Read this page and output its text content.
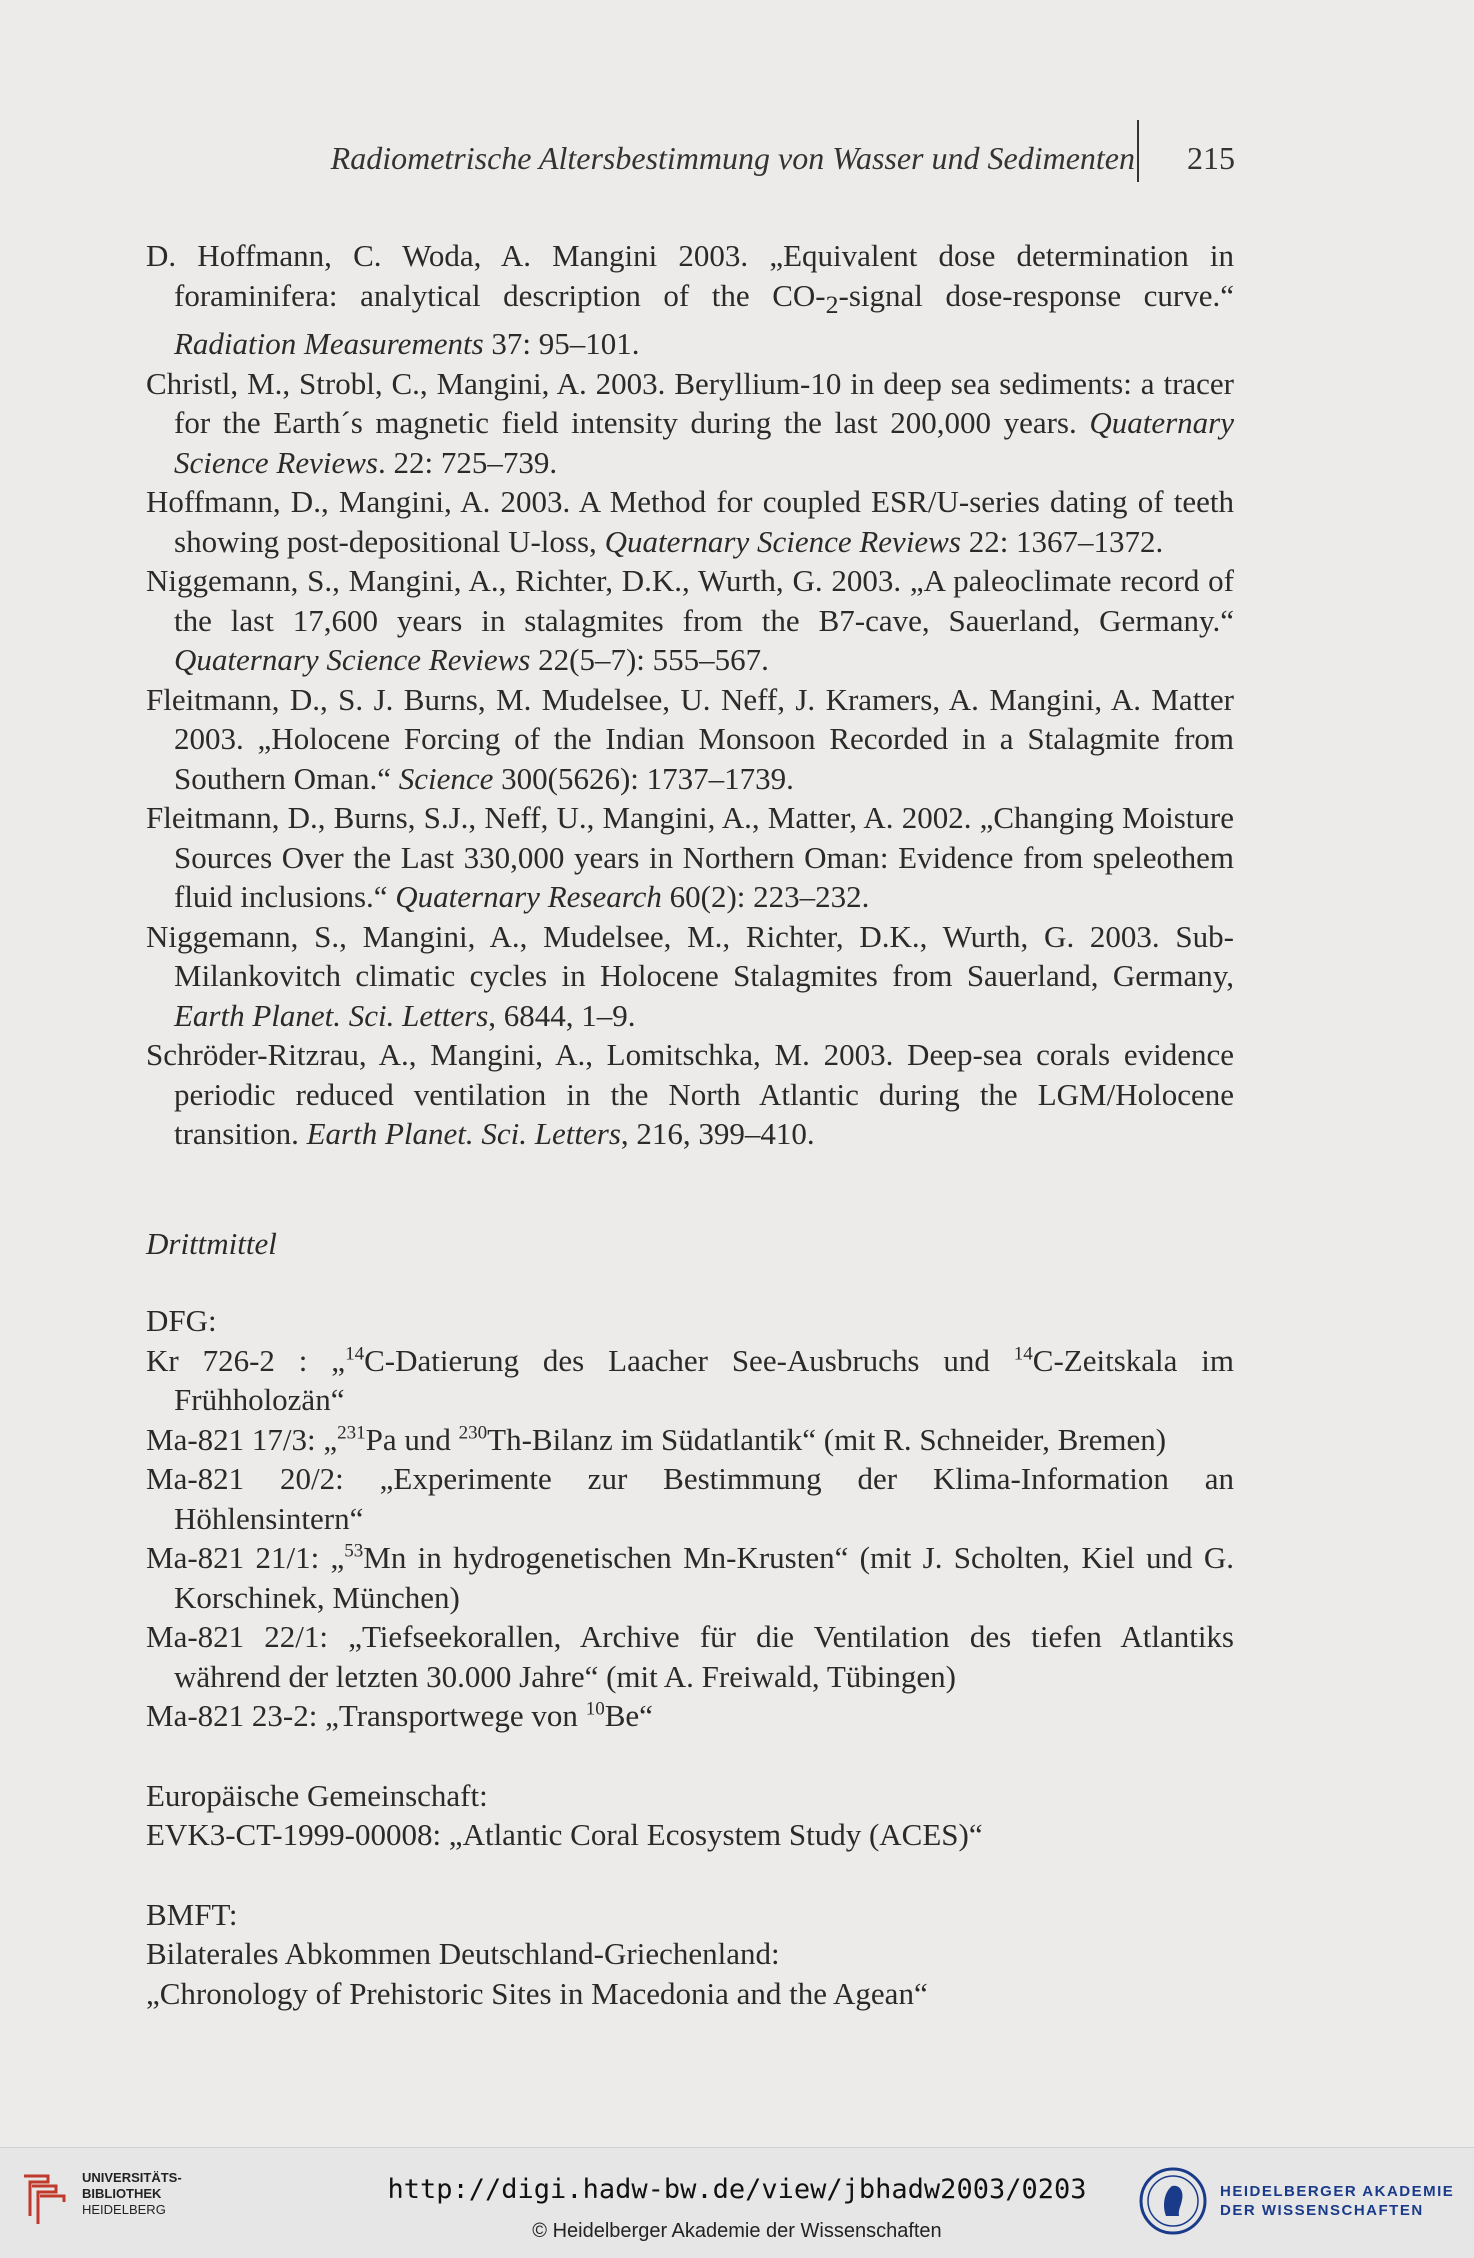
Radiometrische Altersbestimmung von Wasser und Sedimenten 215

D. Hoffmann, C. Woda, A. Mangini 2003. „Equivalent dose determination in foraminifera: analytical description of the $CO-_2$-signal dose-response curve.“ Radiation Measurements 37: 95–101.

Christl, M., Strobl, C., Mangini, A. 2003. Beryllium-10 in deep sea sediments: a tracer for the Earth´s magnetic field intensity during the last 200,000 years. Quaternary Science Reviews. 22: 725–739.

Hoffmann, D., Mangini, A. 2003. A Method for coupled ESR/U-series dating of teeth showing post-depositional U-loss, Quaternary Science Reviews 22: 1367–1372.

Niggemann, S., Mangini, A., Richter, D.K., Wurth, G. 2003. „A paleoclimate record of the last 17,600 years in stalagmites from the B7-cave, Sauerland, Germany.“ Quaternary Science Reviews 22(5–7): 555–567.

Fleitmann, D., S. J. Burns, M. Mudelsee, U. Neff, J. Kramers, A. Mangini, A. Matter 2003. „Holocene Forcing of the Indian Monsoon Recorded in a Stalagmite from Southern Oman.“ Science 300(5626): 1737–1739.

Fleitmann, D., Burns, S.J., Neff, U., Mangini, A., Matter, A. 2002. „Changing Moisture Sources Over the Last 330,000 years in Northern Oman: Evidence from speleothem fluid inclusions.“ Quaternary Research 60(2): 223–232.

Niggemann, S., Mangini, A., Mudelsee, M., Richter, D.K., Wurth, G. 2003. Sub-Milankovitch climatic cycles in Holocene Stalagmites from Sauerland, Germany, Earth Planet. Sci. Letters, 6844, 1–9.

Schröder-Ritzrau, A., Mangini, A., Lomitschka, M. 2003. Deep-sea corals evidence periodic reduced ventilation in the North Atlantic during the LGM/Holocene transition. Earth Planet. Sci. Letters, 216, 399–410.

Drittmittel

DFG:

Kr 726-2 : „$^{14}$C-Datierung des Laacher See-Ausbruchs und $^{14}$C-Zeitskala im Frühholozän“

Ma-821 17/3: „$^{231}$Pa und $^{230}$Th-Bilanz im Südatlantik“ (mit R. Schneider, Bremen)

Ma-821 20/2: „Experimente zur Bestimmung der Klima-Information an Höhlensintern“

Ma-821 21/1: „$^{53}$Mn in hydrogenetischen Mn-Krusten“ (mit J. Scholten, Kiel und G. Korschinek, München)

Ma-821 22/1: „Tiefseekorallen, Archive für die Ventilation des tiefen Atlantiks während der letzten 30.000 Jahre“ (mit A. Freiwald, Tübingen)

Ma-821 23-2: „Transportwege von $^{10}$Be“

Europäische Gemeinschaft:

EVK3-CT-1999-00008: „Atlantic Coral Ecosystem Study (ACES)“

BMFT:

Bilaterales Abkommen Deutschland-Griechenland:

„Chronology of Prehistoric Sites in Macedonia and the Agean“

UNIVERSITÄTS-
BIBLIOTHEK
HEIDELBERG
http://digi.hadw-bw.de/view/jbhadw2003/0203
© Heidelberger Akademie der Wissenschaften
HEIDELBERGER AKADEMIE
DER WISSENSCHAFTEN
